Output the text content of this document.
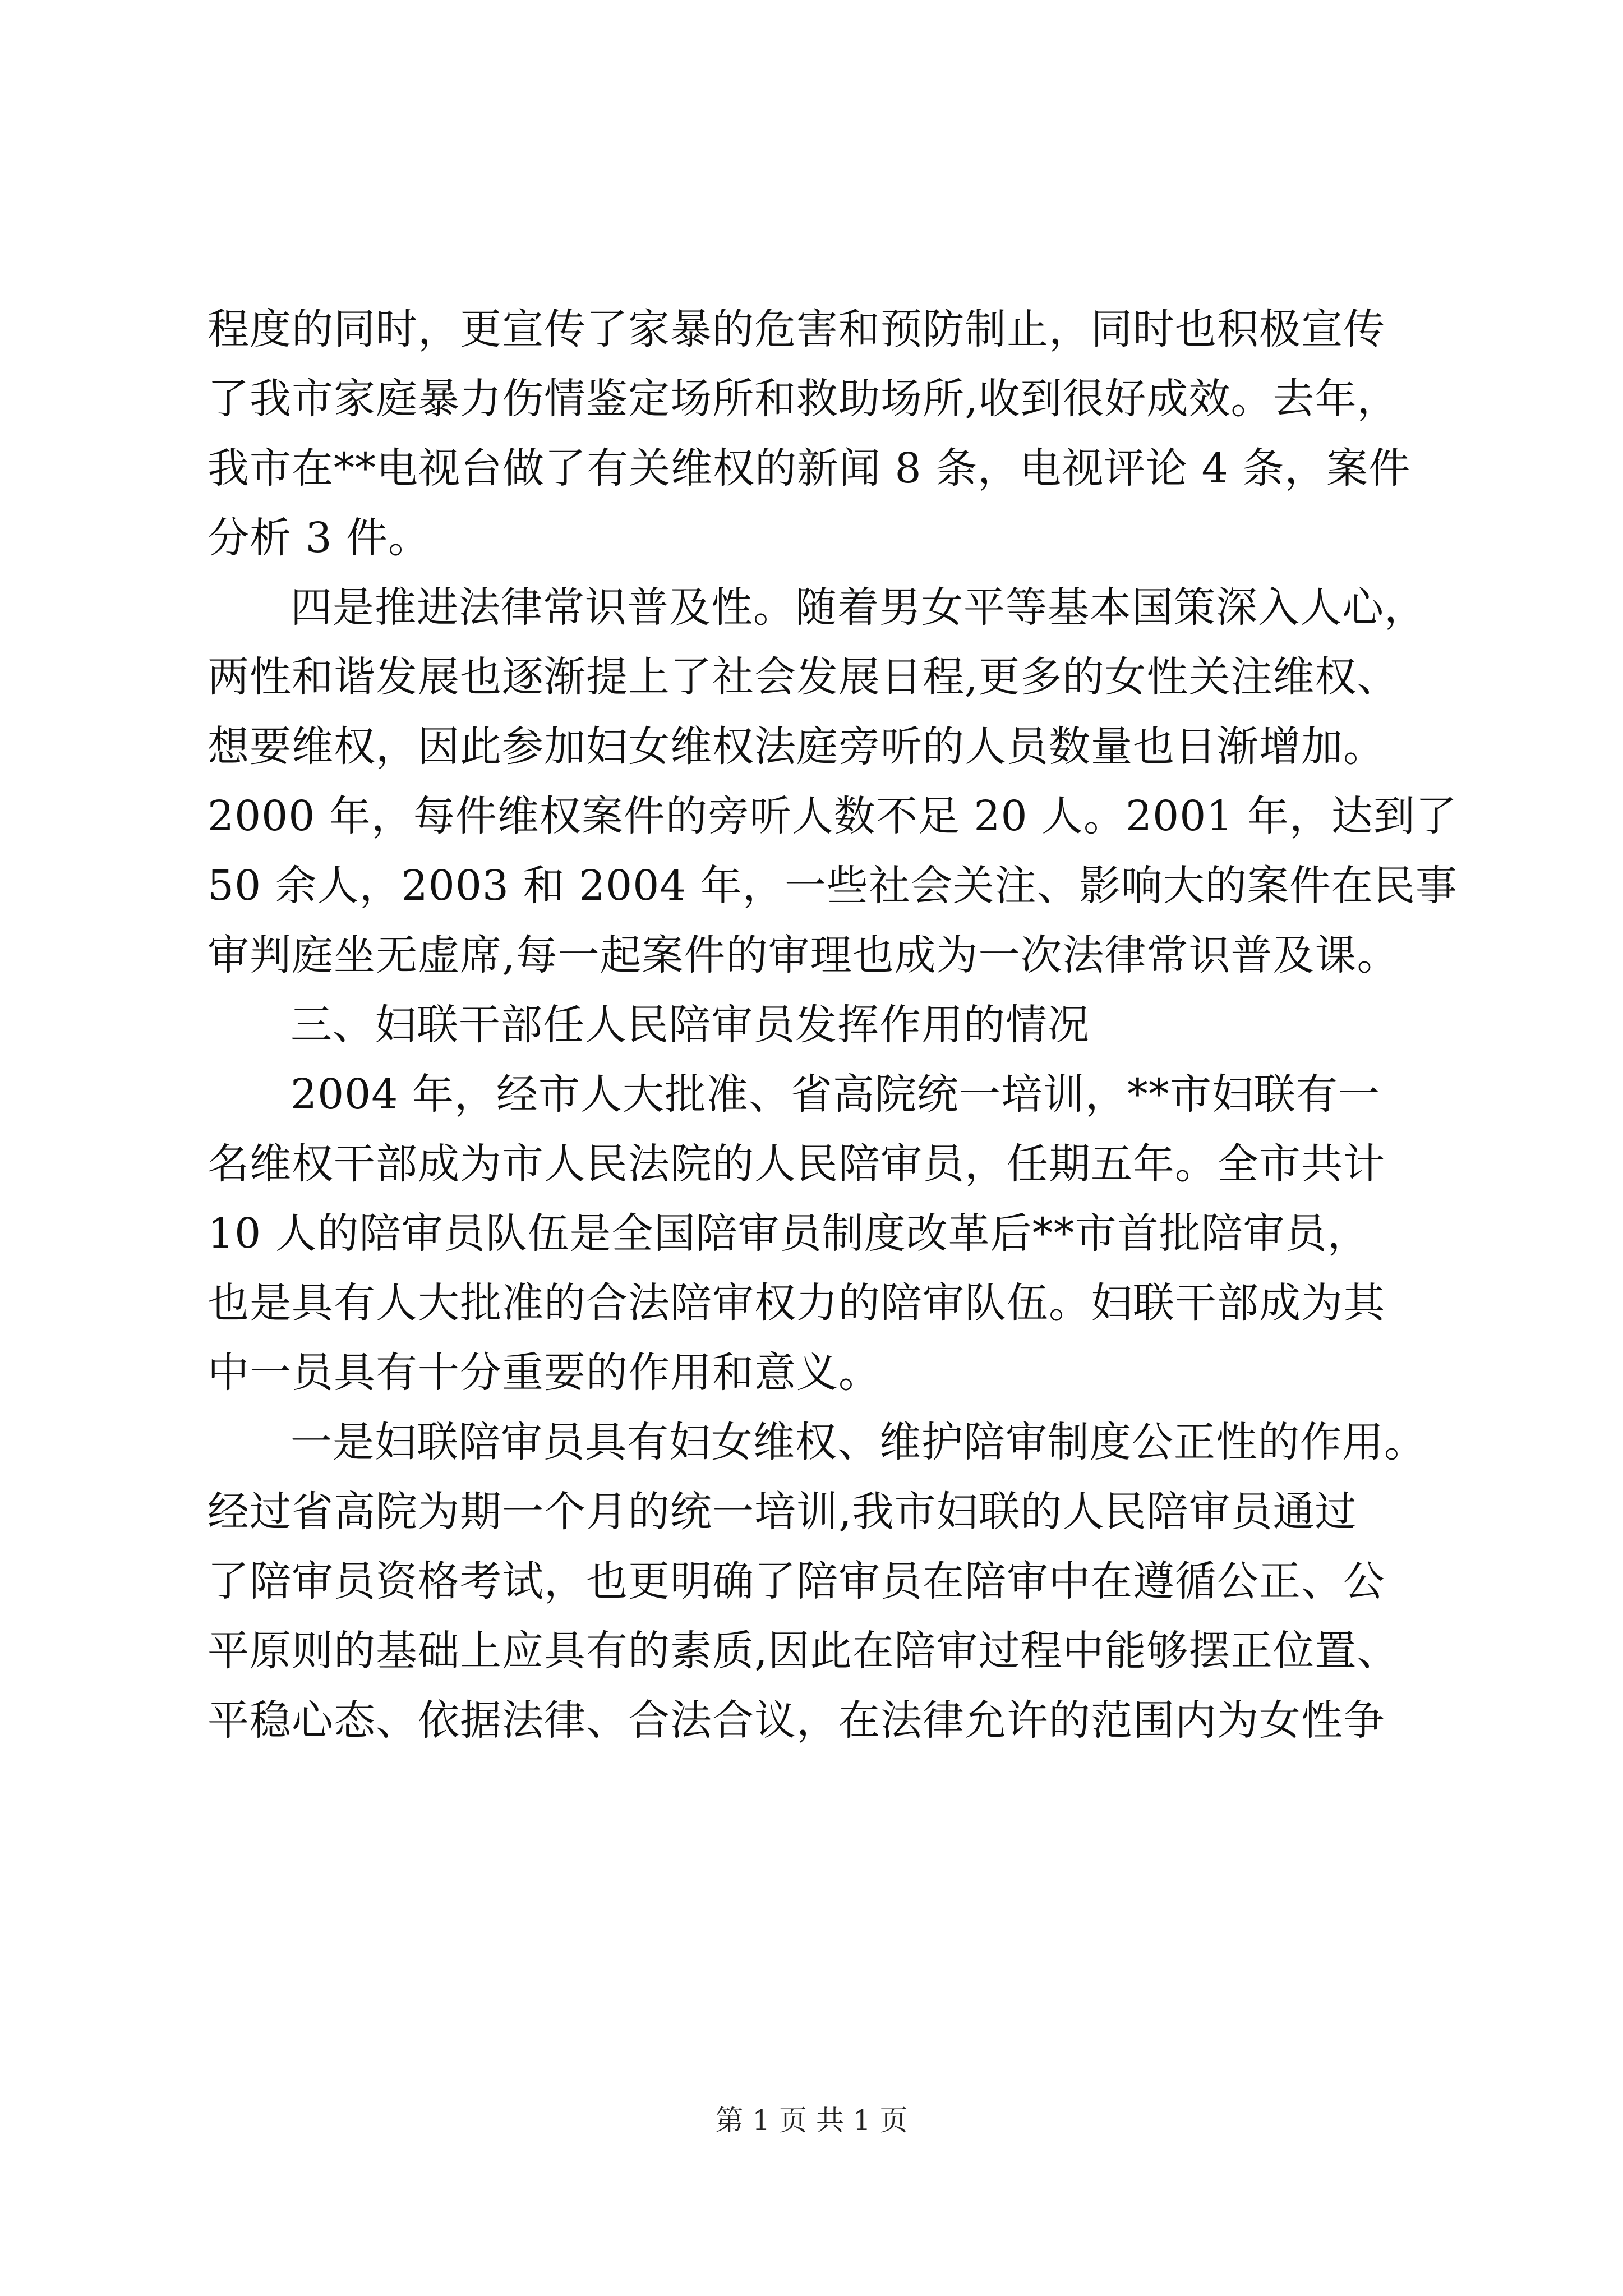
程度的同时，更宣传了家暴的危害和预防制止，同时也积极宣传
了我市家庭暴力伤情鉴定场所和救助场所,收到很好成效。去年，
我市在**电视台做了有关维权的新闻 8 条，电视评论 4 条，案件
分析 3 件。
四是推进法律常识普及性。随着男女平等基本国策深入人心，
两性和谐发展也逐渐提上了社会发展日程,更多的女性关注维权、
想要维权，因此参加妇女维权法庭旁听的人员数量也日渐增加。
2000 年，每件维权案件的旁听人数不足 20 人。2001 年，达到了
50 余人，2003 和 2004 年，一些社会关注、影响大的案件在民事
审判庭坐无虚席,每一起案件的审理也成为一次法律常识普及课。
三、妇联干部任人民陪审员发挥作用的情况
2004 年，经市人大批准、省高院统一培训，**市妇联有一
名维权干部成为市人民法院的人民陪审员，任期五年。全市共计
10 人的陪审员队伍是全国陪审员制度改革后**市首批陪审员，
也是具有人大批准的合法陪审权力的陪审队伍。妇联干部成为其
中一员具有十分重要的作用和意义。
一是妇联陪审员具有妇女维权、维护陪审制度公正性的作用。
经过省高院为期一个月的统一培训,我市妇联的人民陪审员通过
了陪审员资格考试，也更明确了陪审员在陪审中在遵循公正、公
平原则的基础上应具有的素质,因此在陪审过程中能够摆正位置、
平稳心态、依据法律、合法合议，在法律允许的范围内为女性争
第 1 页 共 1 页
